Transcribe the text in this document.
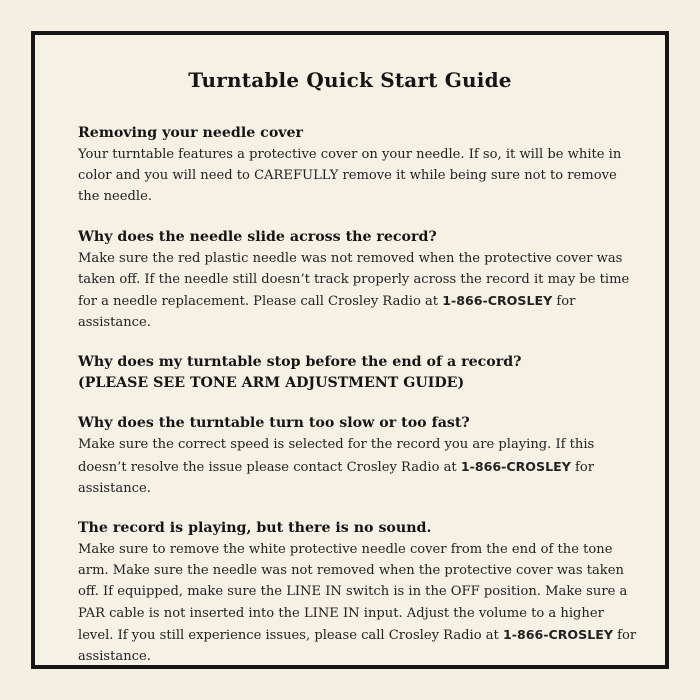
Turntable Quick Start Guide
Removing your needle cover
Your turntable features a protective cover on your needle. If so, it will be white in color and you will need to CAREFULLY remove it while being sure not to remove the needle.
Why does the needle slide across the record?
Make sure the red plastic needle was not removed when the protective cover was taken off. If the needle still doesn’t track properly across the record it may be time for a needle replacement. Please call Crosley Radio at 1-866-CROSLEY for assistance.
Why does my turntable stop before the end of a record?
(PLEASE SEE TONE ARM ADJUSTMENT GUIDE)
Why does the turntable turn too slow or too fast?
Make sure the correct speed is selected for the record you are playing. If this doesn’t resolve the issue please contact Crosley Radio at 1-866-CROSLEY for assistance.
The record is playing, but there is no sound.
Make sure to remove the white protective needle cover from the end of the tone arm. Make sure the needle was not removed when the protective cover was taken off. If equipped, make sure the LINE IN switch is in the OFF position. Make sure a PAR cable is not inserted into the LINE IN input. Adjust the volume to a higher level. If you still experience issues, please call Crosley Radio at 1-866-CROSLEY for assistance.
